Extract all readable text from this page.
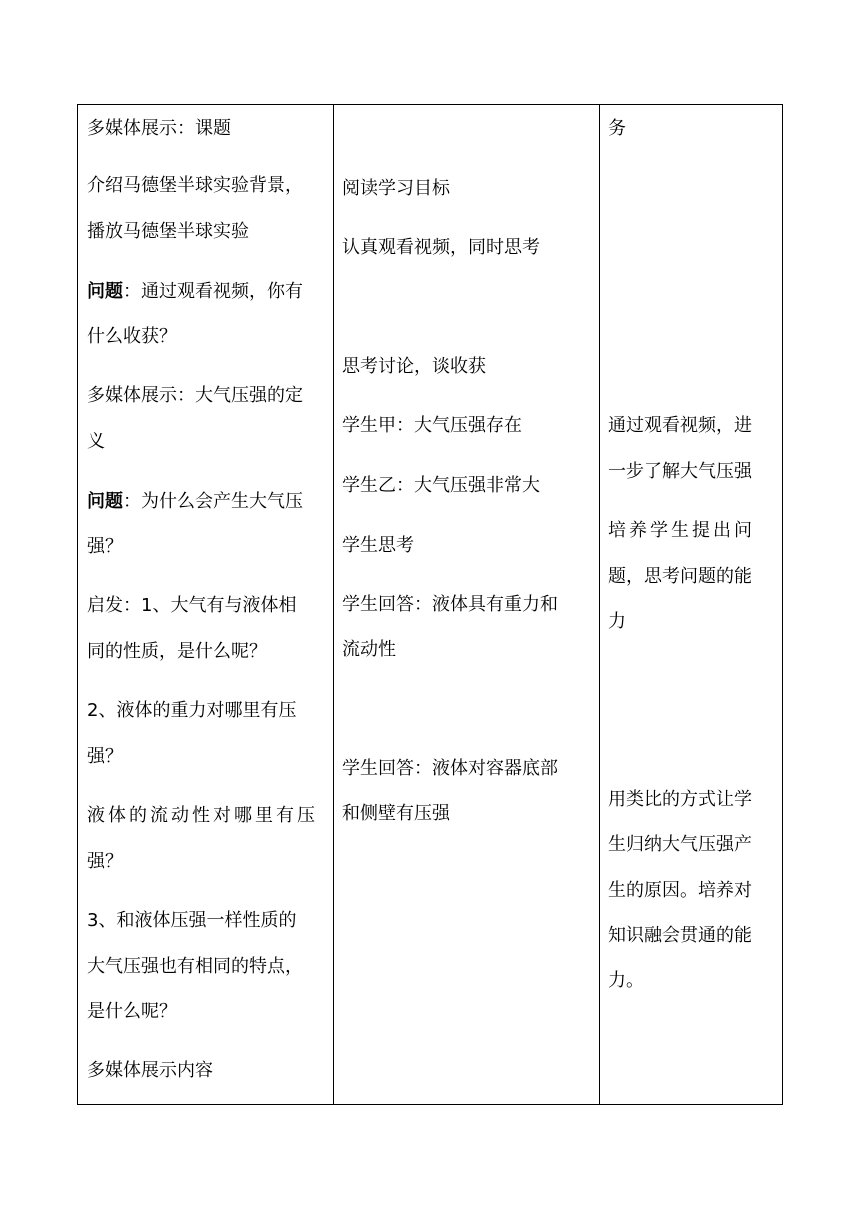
多媒体展示：课题
介绍马德堡半球实验背景，
播放马德堡半球实验
问题：通过观看视频，你有
什么收获？
多媒体展示：大气压强的定
义
问题：为什么会产生大气压
强？
启发：1、大气有与液体相
同的性质，是什么呢？
2、液体的重力对哪里有压
强？
液体的流动性对哪里有压
强？
3、和液体压强一样性质的
大气压强也有相同的特点，
是什么呢？
多媒体展示内容
阅读学习目标
认真观看视频，同时思考
思考讨论，谈收获
学生甲：大气压强存在
学生乙：大气压强非常大
学生思考
学生回答：液体具有重力和
流动性
学生回答：液体对容器底部
和侧壁有压强
务
通过观看视频，进
一步了解大气压强
培养学生提出问
题，思考问题的能
力
用类比的方式让学
生归纳大气压强产
生的原因。培养对
知识融会贯通的能
力。
